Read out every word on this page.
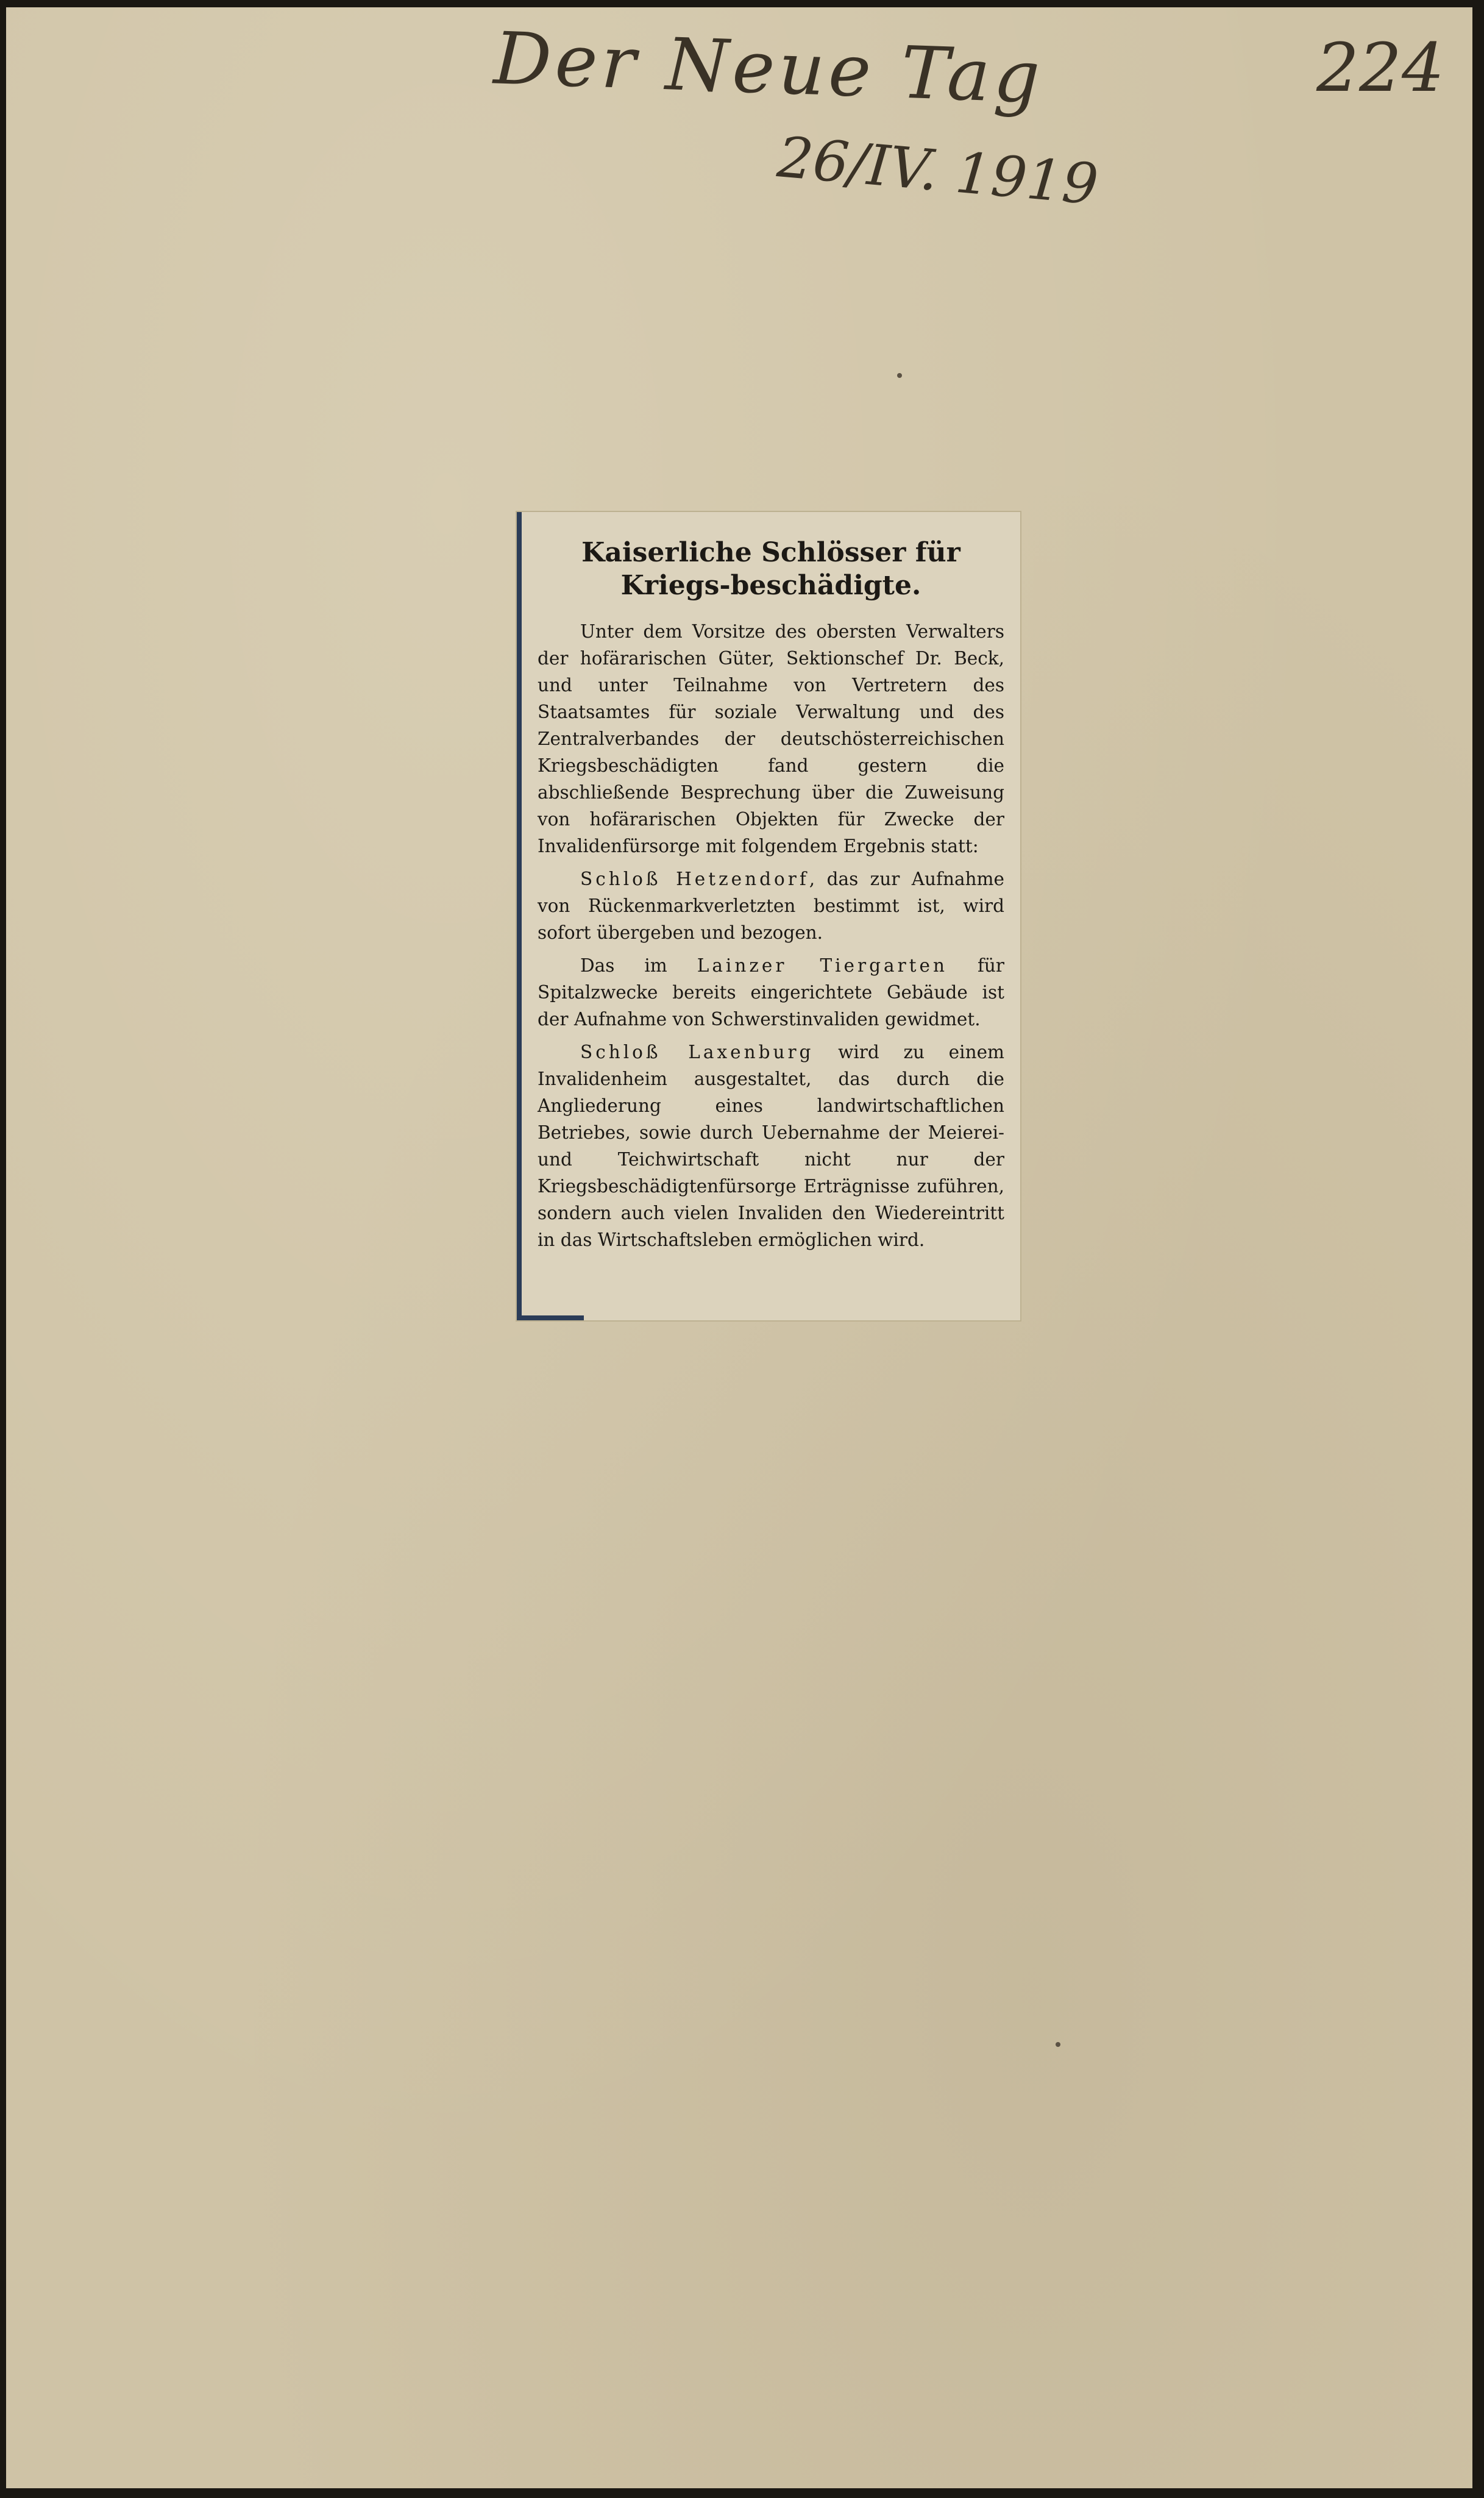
Der Neue Tag
26/IV. 1919
224
Kaiserliche Schlösser für Kriegs-beschädigte.

Unter dem Vorsitze des obersten Verwalters der hofärarischen Güter, Sektionschef Dr. Beck, und unter Teilnahme von Vertretern des Staatsamtes für soziale Verwaltung und des Zentralverbandes der deutschösterreichischen Kriegsbeschädigten fand gestern die abschließende Besprechung über die Zuweisung von hofärarischen Objekten für Zwecke der Invalidenfürsorge mit folgendem Ergebnis statt:

Schloß Hetzendorf, das zur Aufnahme von Rückenmarkverletzten bestimmt ist, wird sofort übergeben und bezogen.

Das im Lainzer Tiergarten für Spitalzwecke bereits eingerichtete Gebäude ist der Aufnahme von Schwerstinvaliden gewidmet.

Schloß Laxenburg wird zu einem Invalidenheim ausgestaltet, das durch die Angliederung eines landwirtschaftlichen Betriebes, sowie durch Uebernahme der Meierei- und Teichwirtschaft nicht nur der Kriegsbeschädigtenfürsorge Erträgnisse zuführen, sondern auch vielen Invaliden den Wiedereintritt in das Wirtschaftsleben ermöglichen wird.
